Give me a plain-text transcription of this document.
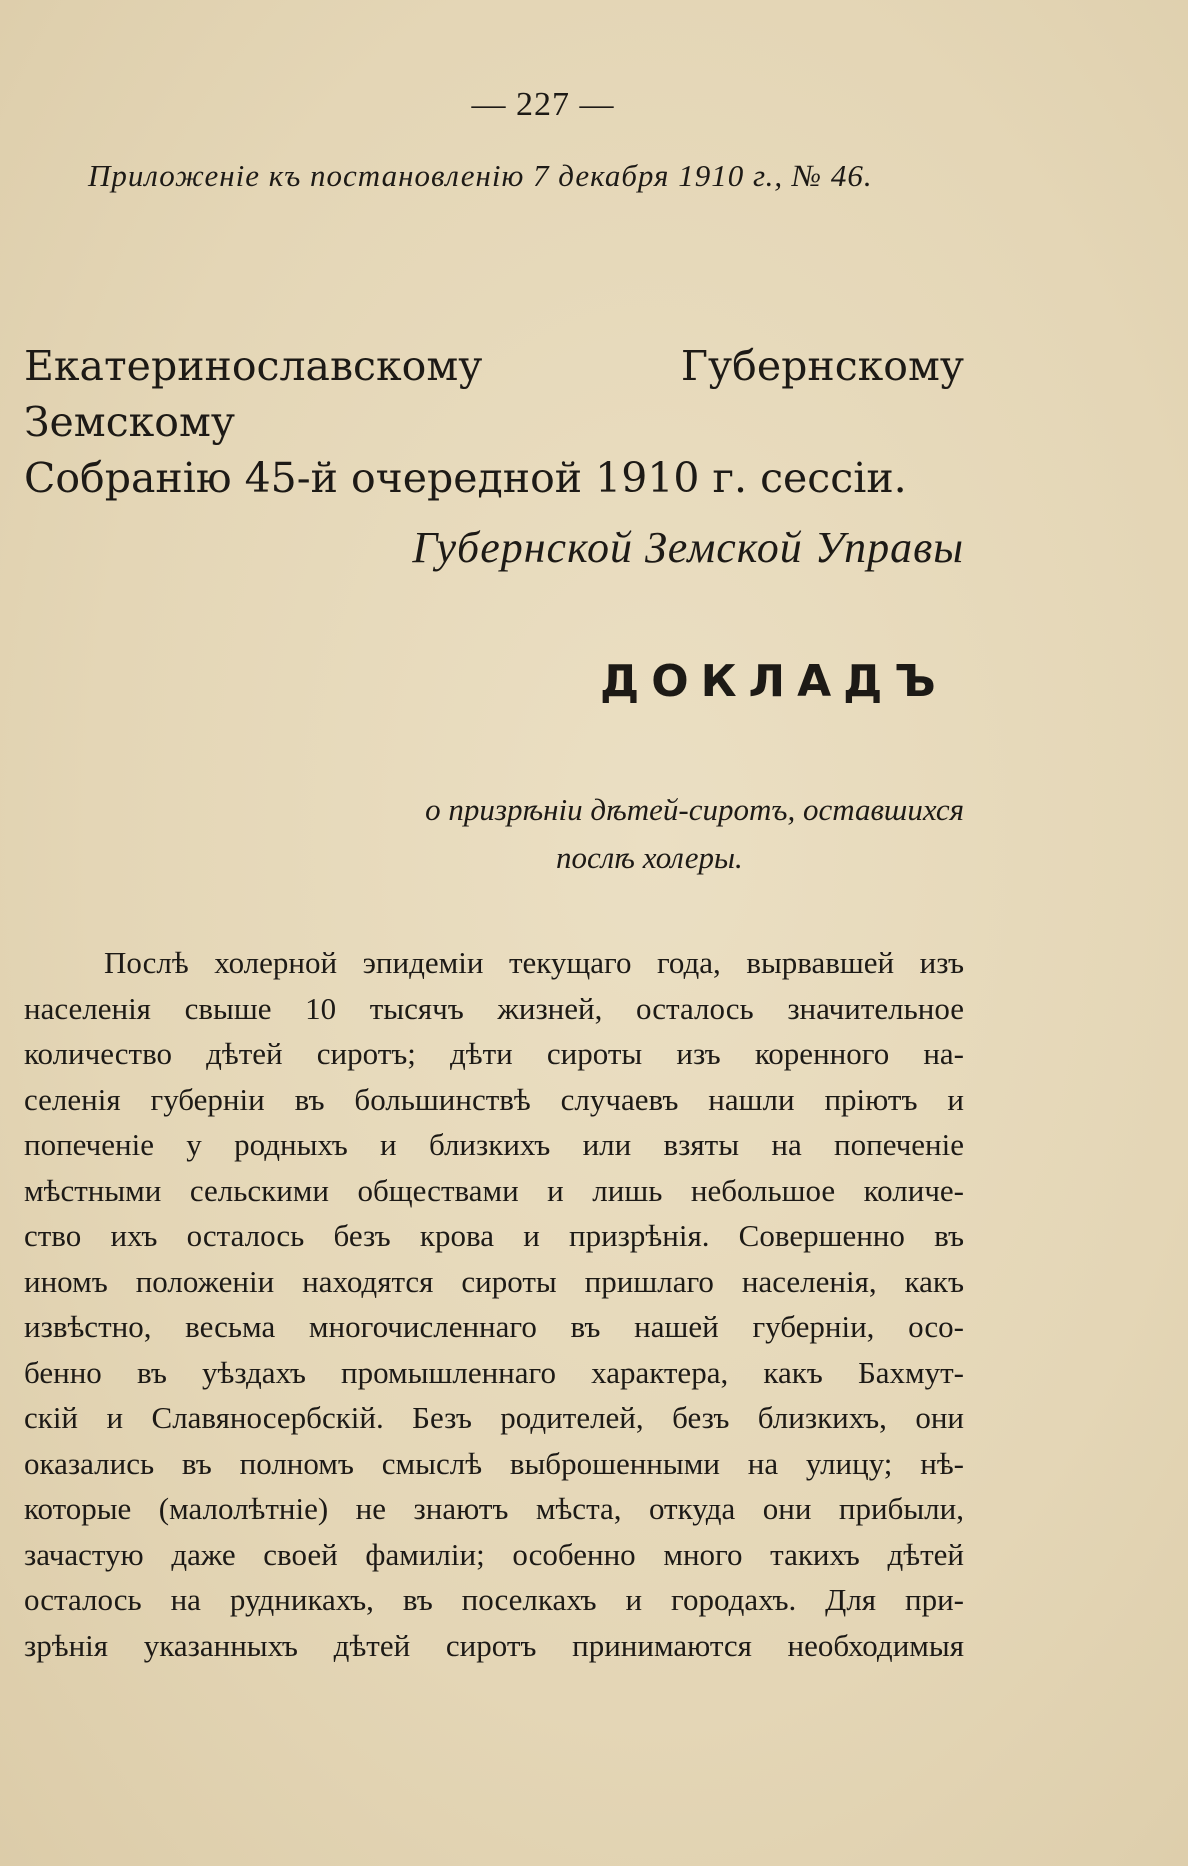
— 227 —
Приложеніе къ постановленію 7 декабря 1910 г., № 46.
Екатеринославскому Губернскому Земскому
Собранію 45-й очередной 1910 г. сессіи.
Губернской Земской Управы
ДОКЛАДЪ
о призрѣніи дѣтей-сиротъ, оставшихся
послѣ холеры.
Послѣ холерной эпидеміи текущаго года, вырвавшей изъ
населенія свыше 10 тысячъ жизней, осталось значительное
количество дѣтей сиротъ; дѣти сироты изъ коренного на-
селенія губерніи въ большинствѣ случаевъ нашли пріютъ и
попеченіе у родныхъ и близкихъ или взяты на попеченіе
мѣстными сельскими обществами и лишь небольшое количе-
ство ихъ осталось безъ крова и призрѣнія. Совершенно въ
иномъ положеніи находятся сироты пришлаго населенія, какъ
извѣстно, весьма многочисленнаго въ нашей губерніи, осо-
бенно въ уѣздахъ промышленнаго характера, какъ Бахмут-
скій и Славяносербскій. Безъ родителей, безъ близкихъ, они
оказались въ полномъ смыслѣ выброшенными на улицу; нѣ-
которые (малолѣтніе) не знаютъ мѣста, откуда они прибыли,
зачастую даже своей фамиліи; особенно много такихъ дѣтей
осталось на рудникахъ, въ поселкахъ и городахъ. Для при-
зрѣнія указанныхъ дѣтей сиротъ принимаются необходимыя
